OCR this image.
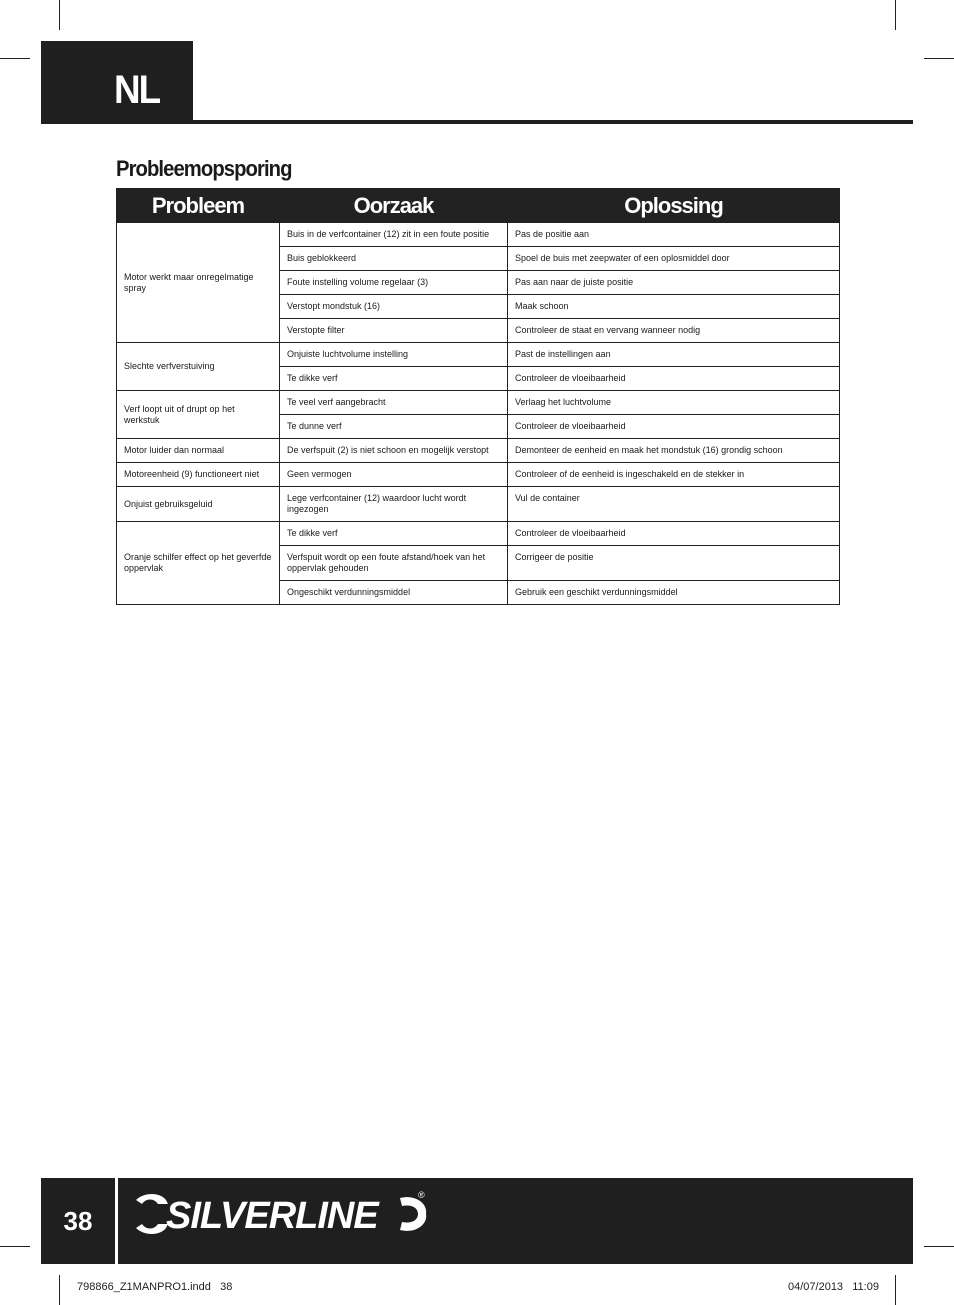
NL
Probleemopsporing
Probleem	Oorzaak	Oplossing
Motor werkt maar onregelmatige spray	Buis in de verfcontainer (12) zit in een foute positie	Pas de positie aan
	Buis geblokkeerd	Spoel de buis met zeepwater of een oplosmiddel door
	Foute instelling volume regelaar (3)	Pas aan naar de juiste positie
	Verstopt mondstuk (16)	Maak schoon
	Verstopte filter	Controleer de staat en vervang wanneer nodig
Slechte verfverstuiving	Onjuiste luchtvolume instelling	Past de instellingen aan
	Te dikke verf	Controleer de vloeibaarheid
Verf loopt uit of drupt op het werkstuk	Te veel verf aangebracht	Verlaag het luchtvolume
	Te dunne verf	Controleer de vloeibaarheid
Motor luider dan normaal	De verfspuit (2) is niet schoon en mogelijk verstopt	Demonteer de eenheid en maak het mondstuk (16) grondig schoon
Motoreenheid (9) functioneert niet	Geen vermogen	Controleer of de eenheid is ingeschakeld en de stekker in
Onjuist gebruiksgeluid	Lege verfcontainer (12) waardoor lucht wordt ingezogen	Vul de container
Oranje schilfer effect op het geverfde oppervlak	Te dikke verf	Controleer de vloeibaarheid
	Verfspuit wordt op een foute afstand/hoek van het oppervlak gehouden	Corrigeer de positie
	Ongeschikt verdunningsmiddel	Gebruik een geschikt verdunningsmiddel
38	SILVERLINE	®
798866_Z1MANPRO1.indd   38	04/07/2013   11:09
